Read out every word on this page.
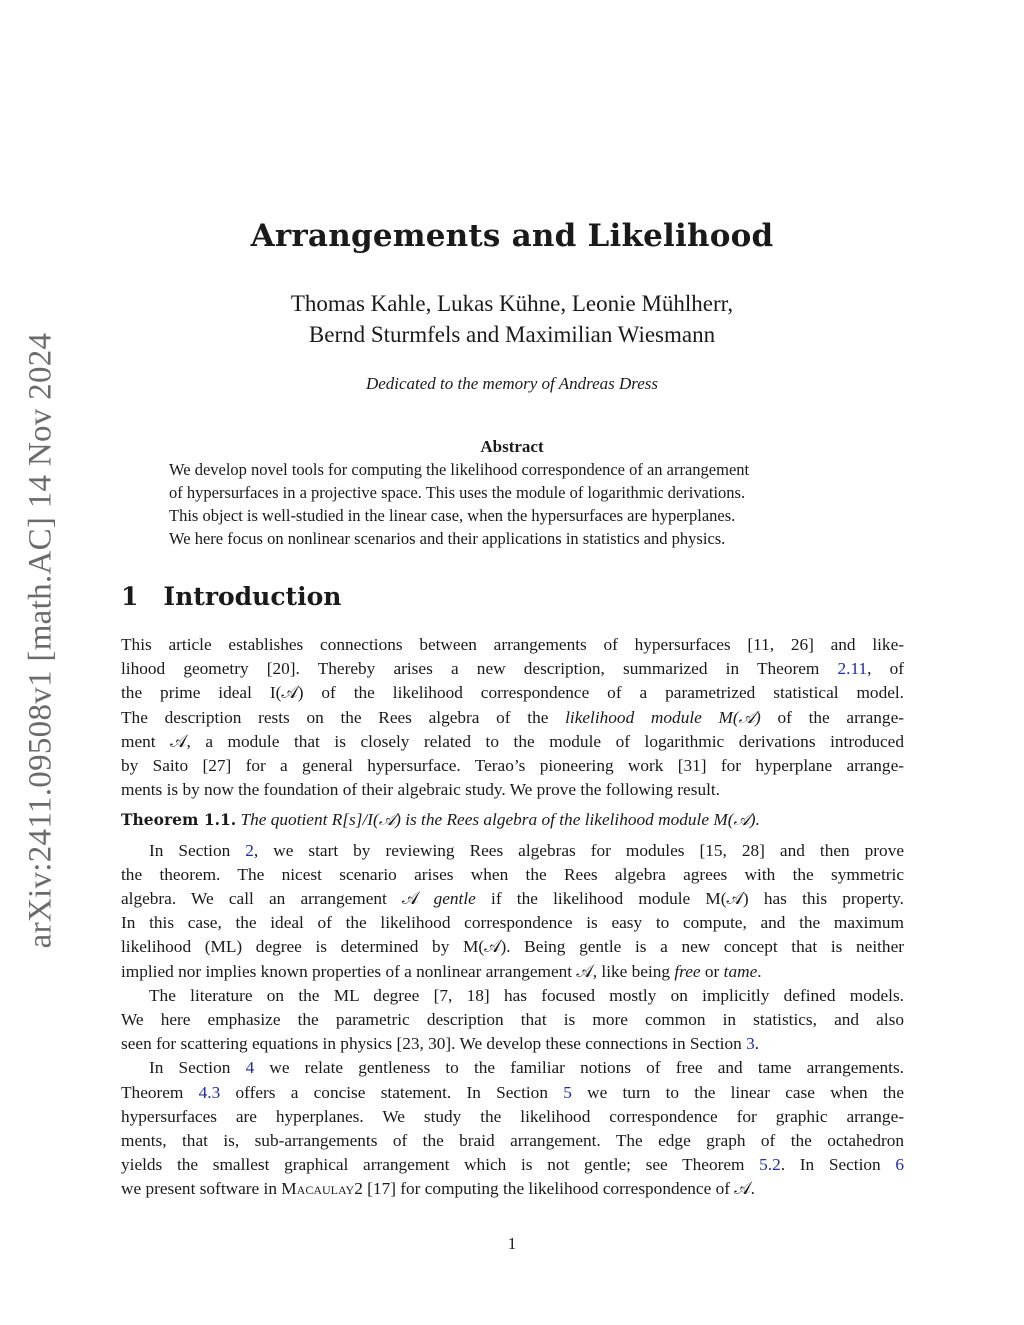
arXiv:2411.09508v1 [math.AC] 14 Nov 2024
Arrangements and Likelihood
Thomas Kahle, Lukas Kühne, Leonie Mühlherr,
Bernd Sturmfels and Maximilian Wiesmann
Dedicated to the memory of Andreas Dress
Abstract
We develop novel tools for computing the likelihood correspondence of an arrangement
of hypersurfaces in a projective space. This uses the module of logarithmic derivations.
This object is well-studied in the linear case, when the hypersurfaces are hyperplanes.
We here focus on nonlinear scenarios and their applications in statistics and physics.
1 Introduction
This article establishes connections between arrangements of hypersurfaces [11, 26] and like-
lihood geometry [20]. Thereby arises a new description, summarized in Theorem 2.11, of
the prime ideal I(𝒜) of the likelihood correspondence of a parametrized statistical model.
The description rests on the Rees algebra of the likelihood module M(𝒜) of the arrange-
ment 𝒜, a module that is closely related to the module of logarithmic derivations introduced
by Saito [27] for a general hypersurface. Terao’s pioneering work [31] for hyperplane arrange-
ments is by now the foundation of their algebraic study. We prove the following result.
Theorem 1.1. The quotient R[s]/I(𝒜) is the Rees algebra of the likelihood module M(𝒜).
In Section 2, we start by reviewing Rees algebras for modules [15, 28] and then prove
the theorem. The nicest scenario arises when the Rees algebra agrees with the symmetric
algebra. We call an arrangement 𝒜 gentle if the likelihood module M(𝒜) has this property.
In this case, the ideal of the likelihood correspondence is easy to compute, and the maximum
likelihood (ML) degree is determined by M(𝒜). Being gentle is a new concept that is neither
implied nor implies known properties of a nonlinear arrangement 𝒜, like being free or tame.
The literature on the ML degree [7, 18] has focused mostly on implicitly defined models.
We here emphasize the parametric description that is more common in statistics, and also
seen for scattering equations in physics [23, 30]. We develop these connections in Section 3.
In Section 4 we relate gentleness to the familiar notions of free and tame arrangements.
Theorem 4.3 offers a concise statement. In Section 5 we turn to the linear case when the
hypersurfaces are hyperplanes. We study the likelihood correspondence for graphic arrange-
ments, that is, sub-arrangements of the braid arrangement. The edge graph of the octahedron
yields the smallest graphical arrangement which is not gentle; see Theorem 5.2. In Section 6
we present software in Macaulay2 [17] for computing the likelihood correspondence of 𝒜.
1
